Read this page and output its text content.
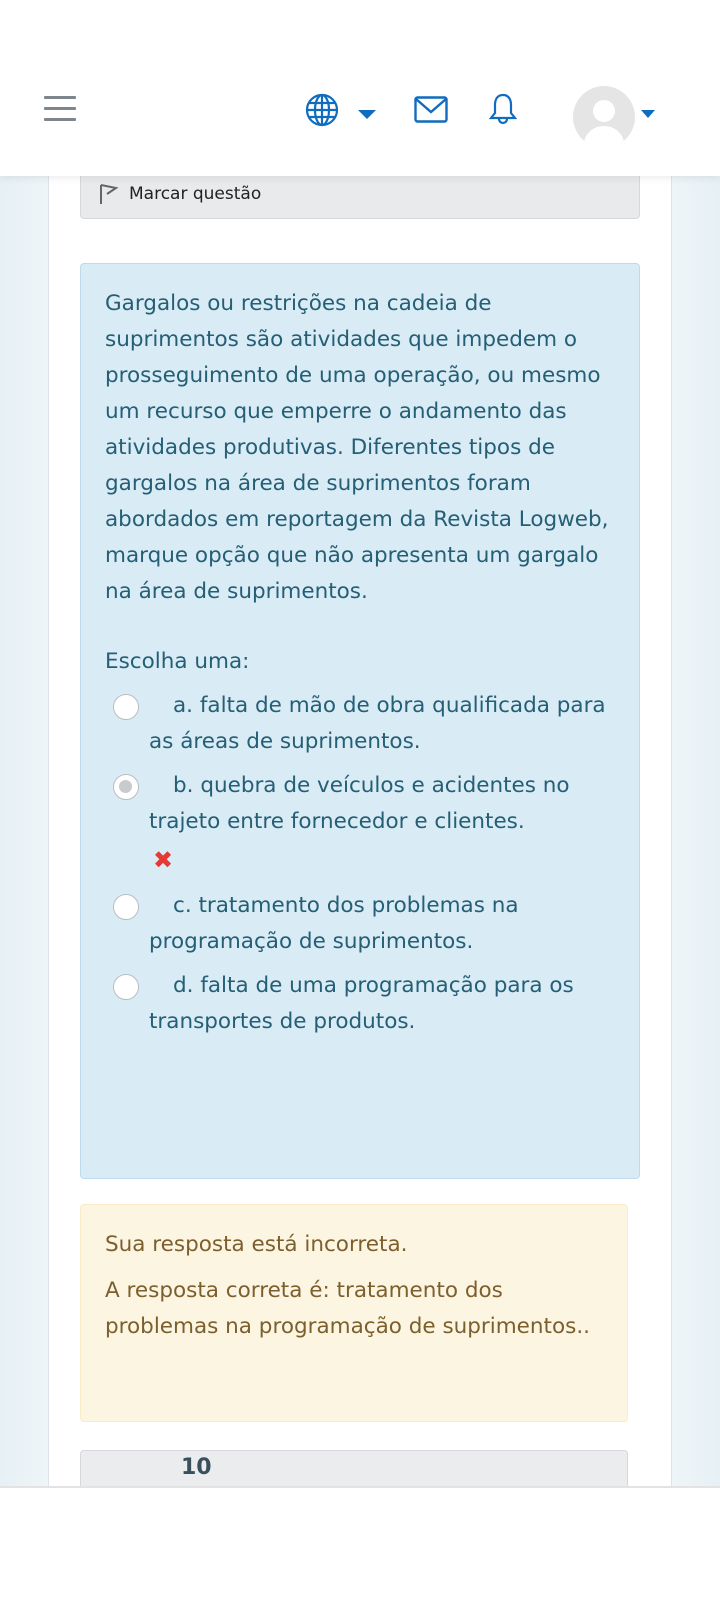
Marcar questão

Gargalos ou restrições na cadeia de suprimentos são atividades que impedem o prosseguimento de uma operação, ou mesmo um recurso que emperre o andamento das atividades produtivas. Diferentes tipos de gargalos na área de suprimentos foram abordados em reportagem da Revista Logweb, marque opção que não apresenta um gargalo na área de suprimentos.

Escolha uma:

a. falta de mão de obra qualificada para as áreas de suprimentos.
b. quebra de veículos e acidentes no trajeto entre fornecedor e clientes.
✖
c. tratamento dos problemas na programação de suprimentos.
d. falta de uma programação para os transportes de produtos.

Sua resposta está incorreta.

A resposta correta é: tratamento dos problemas na programação de suprimentos..

10
